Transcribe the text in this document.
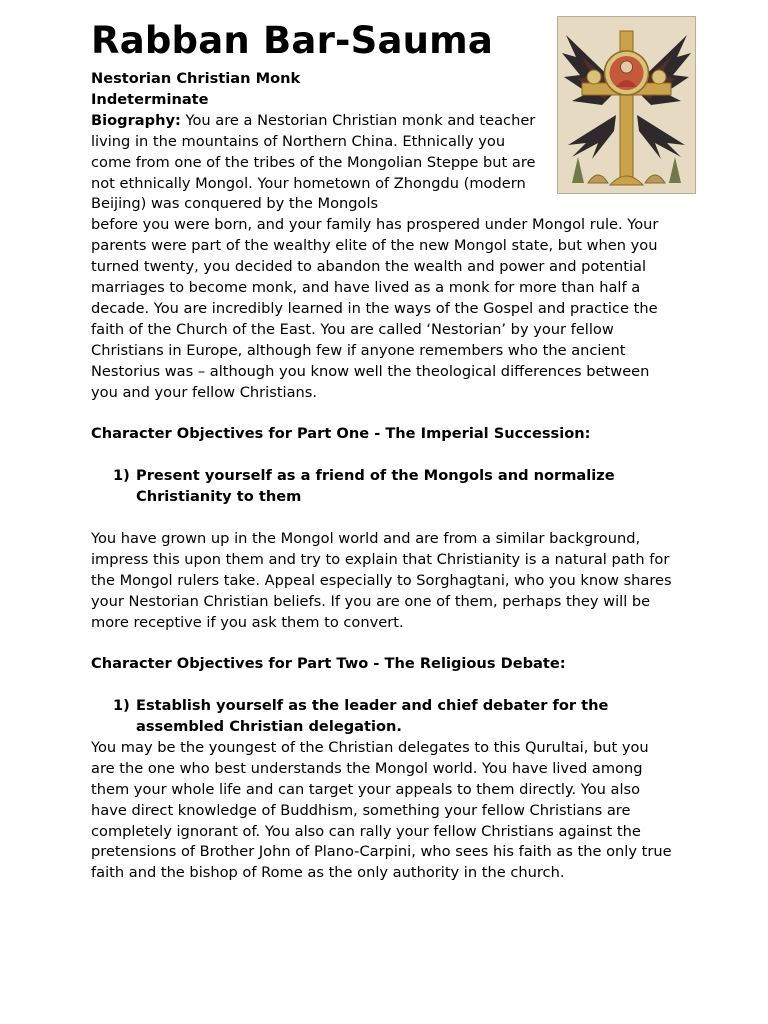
Rabban Bar-Sauma
Nestorian Christian Monk
Indeterminate

Biography: You are a Nestorian Christian monk and teacher living in the mountains of Northern China. Ethnically you come from one of the tribes of the Mongolian Steppe but are not ethnically Mongol. Your hometown of Zhongdu (modern Beijing) was conquered by the Mongols

before you were born, and your family has prospered under Mongol rule. Your parents were part of the wealthy elite of the new Mongol state, but when you turned twenty, you decided to abandon the wealth and power and potential marriages to become monk, and have lived as a monk for more than half a decade. You are incredibly learned in the ways of the Gospel and practice the faith of the Church of the East. You are called ‘Nestorian’ by your fellow Christians in Europe, although few if anyone remembers who the ancient Nestorius was – although you know well the theological differences between you and your fellow Christians.

Character Objectives for Part One - The Imperial Succession:
1) Present yourself as a friend of the Mongols and normalize Christianity to them

You have grown up in the Mongol world and are from a similar background, impress this upon them and try to explain that Christianity is a natural path for the Mongol rulers take. Appeal especially to Sorghagtani, who you know shares your Nestorian Christian beliefs. If you are one of them, perhaps they will be more receptive if you ask them to convert.

Character Objectives for Part Two - The Religious Debate:
1) Establish yourself as the leader and chief debater for the assembled Christian delegation.

You may be the youngest of the Christian delegates to this Qurultai, but you are the one who best understands the Mongol world. You have lived among them your whole life and can target your appeals to them directly. You also have direct knowledge of Buddhism, something your fellow Christians are completely ignorant of. You also can rally your fellow Christians against the pretensions of Brother John of Plano-Carpini, who sees his faith as the only true faith and the bishop of Rome as the only authority in the church.
